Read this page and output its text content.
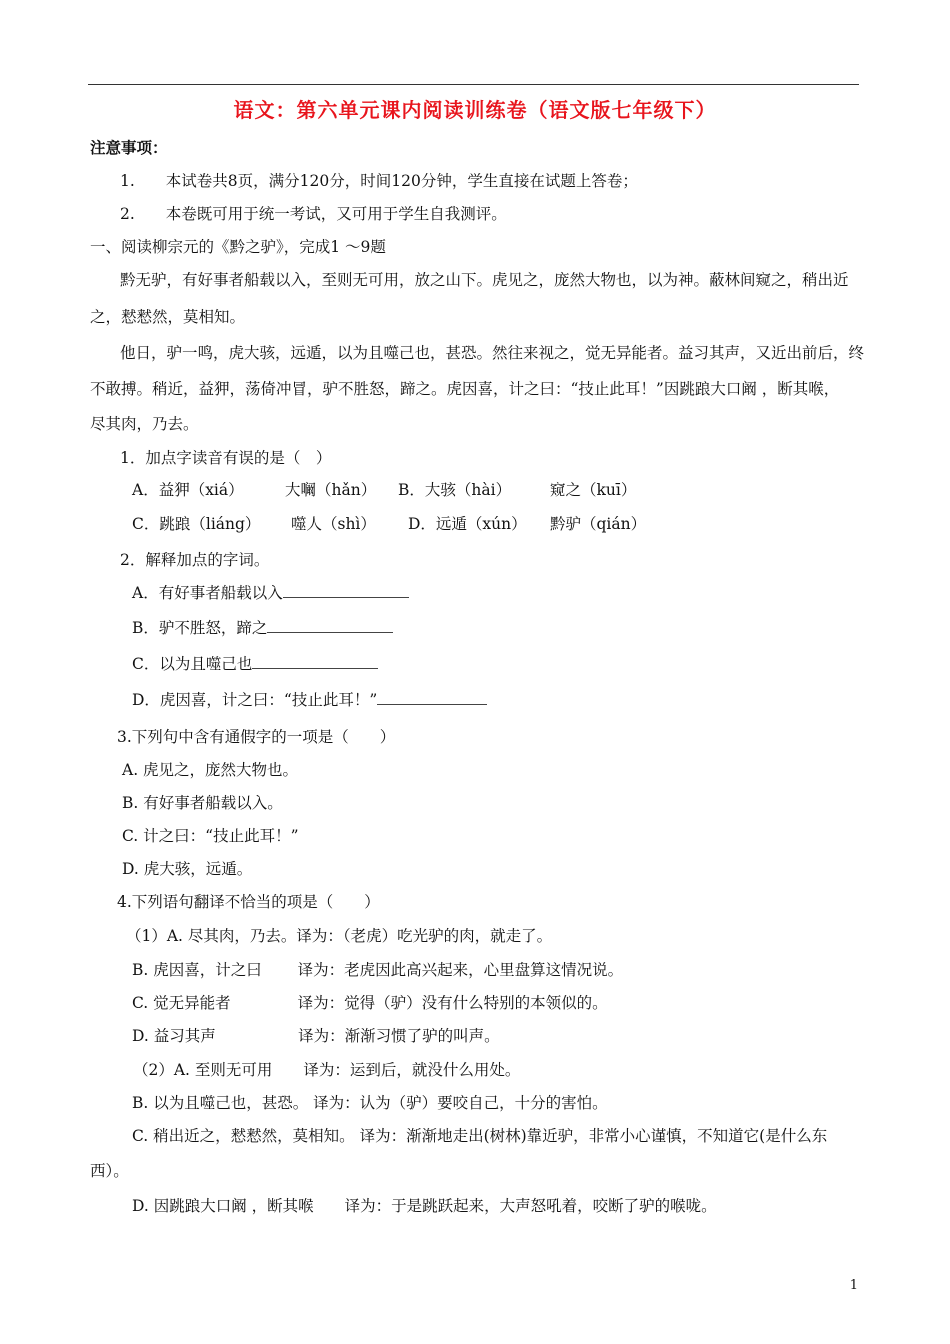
语文：第六单元课内阅读训练卷（语文版七年级下）
注意事项：
1.　　本试卷共8页，满分120分，时间120分钟，学生直接在试题上答卷；
2.　　本卷既可用于统一考试，又可用于学生自我测评。
一、阅读柳宗元的《黔之驴》，完成1 ～9题
黔无驴，有好事者船载以入，至则无可用，放之山下。虎见之，庞然大物也，以为神。蔽林间窥之，稍出近
之，慭慭然，莫相知。
他日，驴一鸣，虎大骇，远遁，以为且噬己也，甚恐。然往来视之，觉无异能者。益习其声，又近出前后，终
不敢搏。稍近，益狎，荡倚冲冒，驴不胜怒，蹄之。虎因喜，计之曰：“技止此耳！”因跳踉大口阚 ，断其喉，
尽其肉，乃去。
1．加点字读音有误的是（　）
A．益狎（xiá）	大㘎（hǎn） B．大骇（hài）	窥之（kuī）
C．跳踉（liáng） 噬人（shì） D．远遁（xún） 黔驴（qián）
2．解释加点的字词。
A．有好事者船载以入
B．驴不胜怒，蹄之
C．以为且噬己也
D．虎因喜，计之曰：“技止此耳！”
3.下列句中含有通假字的一项是（　　）
A. 虎见之，庞然大物也。
B. 有好事者船载以入。
C. 计之曰：“技止此耳！”
D. 虎大骇，远遁。
4.下列语句翻译不恰当的项是（　　）
（1）A. 尽其肉，乃去。译为：（老虎）吃光驴的肉，就走了。
B. 虎因喜，计之曰　　 译为：老虎因此高兴起来，心里盘算这情况说。
C. 觉无异能者　　　　 译为：觉得（驴）没有什么特别的本领似的。
D. 益习其声　　　　　 译为：渐渐习惯了驴的叫声。
（2）A. 至则无可用　　译为：运到后，就没什么用处。
B. 以为且噬己也，甚恐。 译为：认为（驴）要咬自己，十分的害怕。
C. 稍出近之，慭慭然，莫相知。 译为：渐渐地走出(树林)靠近驴，非常小心谨慎，不知道它(是什么东
西）。
D. 因跳踉大口阚 ，断其喉　　译为：于是跳跃起来，大声怒吼着，咬断了驴的喉咙。
1
